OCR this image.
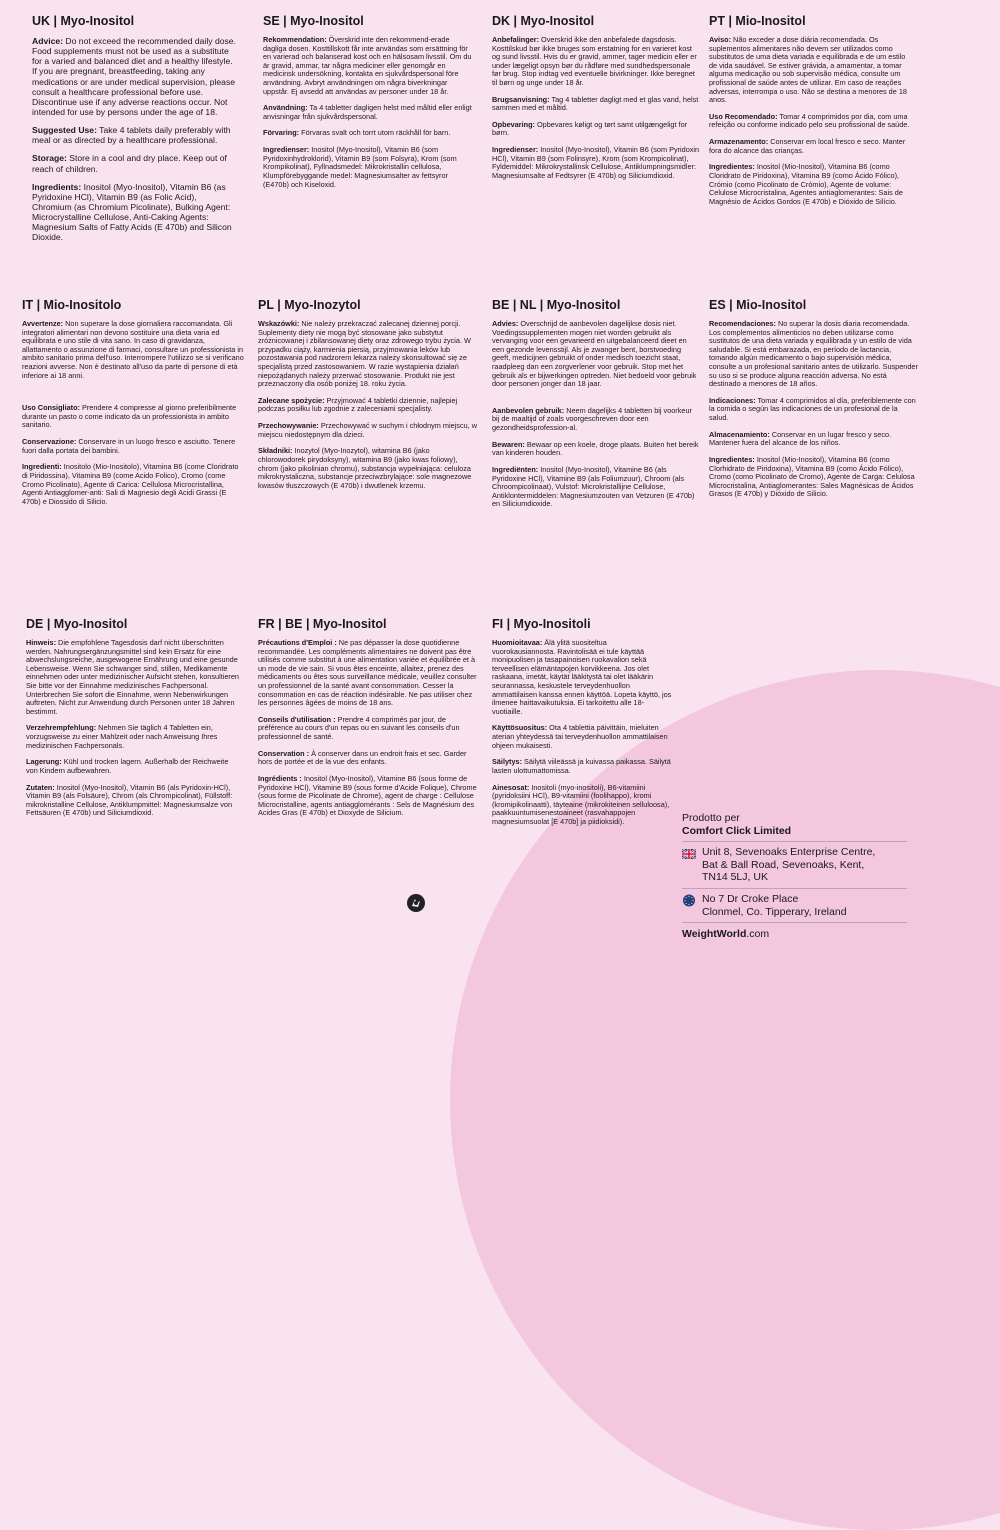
UK | Myo-Inositol

Advice: Do not exceed the recommended daily dose. Food supplements must not be used as a substitute for a varied and balanced diet and a healthy lifestyle. If you are pregnant, breastfeeding, taking any medications or are under medical supervision, please consult a healthcare professional before use. Discontinue use if any adverse reactions occur. Not intended for use by persons under the age of 18.

Suggested Use: Take 4 tablets daily preferably with meal or as directed by a healthcare professional.

Storage: Store in a cool and dry place. Keep out of reach of children.

Ingredients: Inositol (Myo-Inositol), Vitamin B6 (as Pyridoxine HCl), Vitamin B9 (as Folic Acid), Chromium (as Chromium Picolinate), Bulking Agent: Microcrystalline Cellulose, Anti-Caking Agents: Magnesium Salts of Fatty Acids (E 470b) and Silicon Dioxide.

SE | Myo-Inositol

Rekommendation: Överskrid inte den rekommend-erade dagliga dosen. Kosttillskott får inte användas som ersättning för en varierad och balanserad kost och en hälsosam livsstil. Om du är gravid, ammar, tar några mediciner eller genomgår en medicinsk undersökning, kontakta en sjukvårdspersonal före användning. Avbryt användningen om några biverkningar uppstår. Ej avsedd att användas av personer under 18 år.

Användning: Ta 4 tabletter dagligen helst med måltid eller enligt anvisningar från sjukvårdspersonal.

Förvaring: Förvaras svalt och torrt utom räckhåll för barn.

Ingredienser: Inositol (Myo-Inositol), Vitamin B6 (som Pyridoxinhydroklorid), Vitamin B9 (som Folsyra), Krom (som Krompikolinat), Fyllnadsmedel: Mikrokristallin cellulosa, Klumpförebyggande medel: Magnesiumsalter av fettsyror (E470b) och Kiseloxid.

DK | Myo-Inositol

Anbefalinger: Overskrid ikke den anbefalede dagsdosis. Kosttilskud bør ikke bruges som erstatning for en varieret kost og sund livsstil. Hvis du er gravid, ammer, tager medicin eller er under lægeligt opsyn bør du rådføre med sundhedspersonale før brug. Stop indtag ved eventuelle bivirkninger. Ikke beregnet til børn og unge under 18 år.

Brugsanvisning: Tag 4 tabletter dagligt med et glas vand, helst sammen med et måltid.

Opbevaring: Opbevares køligt og tørt samt utilgængeligt for børn.

Ingredienser: Inositol (Myo-Inositol), Vitamin B6 (som Pyridoxin HCl), Vitamin B9 (som Folinsyre), Krom (som Krompicolinat), Fyldemiddel: Mikrokrystallinsk Cellulose, Antiklumpningsmidler: Magnesiumsalte af Fedtsyrer (E 470b) og Siliciumdioxid.

PT | Mio-Inositol

Aviso: Não exceder a dose diária recomendada. Os suplementos alimentares não devem ser utilizados como substitutos de uma dieta variada e equilibrada e de um estilo de vida saudável. Se estiver grávida, a amamentar, a tomar alguma medicação ou sob supervisão médica, consulte um profissional de saúde antes de utilizar. Em caso de reações adversas, interrompa o uso. Não se destina a menores de 18 anos.

Uso Recomendado: Tomar 4 comprimidos por dia, com uma refeição ou conforme indicado pelo seu profissional de saúde.

Armazenamento: Conservar em local fresco e seco. Manter fora do alcance das crianças.

Ingredientes: Inositol (Mio-Inositol), Vitamina B6 (como Cloridrato de Piridoxina), Vitamina B9 (como Ácido Fólico), Crómio (como Picolinato de Crómio), Agente de volume: Celulose Microcristalina, Agentes antiaglomerantes: Sais de Magnésio de Ácidos Gordos (E 470b) e Dióxido de Silício.

IT | Mio-Inositolo

Avvertenze: Non superare la dose giornaliera raccomandata. Gli integratori alimentari non devono sostituire una dieta varia ed equilibrata e uno stile di vita sano. In caso di gravidanza, allattamento o assunzione di farmaci, consultare un professionista in ambito sanitario prima dell'uso. Interrompere l'utilizzo se si verificano reazioni avverse. Non è destinato all'uso da parte di persone di età inferiore ai 18 anni.

Uso Consigliato: Prendere 4 compresse al giorno preferibilmente durante un pasto o come indicato da un professionista in ambito sanitario.

Conservazione: Conservare in un luogo fresco e asciutto. Tenere fuori dalla portata dei bambini.

Ingredienti: Inositolo (Mio-Inositolo), Vitamina B6 (come Cloridrato di Piridossina), Vitamina B9 (come Acido Folico), Cromo (come Cromo Picolinato), Agente di Carica: Cellulosa Microcristallina, Agenti Antiagglomer-anti: Sali di Magnesio degli Acidi Grassi (E 470b) e Diossido di Silicio.

PL | Myo-Inozytol

Wskazówki: Nie należy przekraczać zalecanej dziennej porcji. Suplementy diety nie mogą być stosowane jako substytut zróżnicowanej i zbilansowanej diety oraz zdrowego trybu życia. W przypadku ciąży, karmienia piersią, przyjmowania leków lub pozostawania pod nadzorem lekarza należy skonsultować się ze specjalistą przed zastosowaniem. W razie wystąpienia działań niepożądanych należy przerwać stosowanie. Produkt nie jest przeznaczony dla osób poniżej 18. roku życia.

Zalecane spożycie: Przyjmować 4 tabletki dziennie, najlepiej podczas posiłku lub zgodnie z zaleceniami specjalisty.

Przechowywanie: Przechowywać w suchym i chłodnym miejscu, w miejscu niedostępnym dla dzieci.

Składniki: Inozytol (Myo-Inozytol), witamina B6 (jako chlorowodorek pirydoksyny), witamina B9 (jako kwas foliowy), chrom (jako pikolinian chromu), substancja wypełniająca: celuloza mikrokrystaliczna, substancje przeciwzbrylające: sole magnezowe kwasów tłuszczowych (E 470b) i dwutlenek krzemu.

BE | NL | Myo-Inositol

Advies: Overschrijd de aanbevolen dagelijkse dosis niet. Voedingssupplementen mogen niet worden gebruikt als vervanging voor een gevarieerd en uitgebalanceerd dieet en een gezonde levensstijl. Als je zwanger bent, borstvoeding geeft, medicijnen gebruikt of onder medisch toezicht staat, raadpleeg dan een zorgverlener voor gebruik. Stop met het gebruik als er bijwerkingen optreden. Niet bedoeld voor gebruik door personen jonger dan 18 jaar.

Aanbevolen gebruik: Neem dagelijks 4 tabletten bij voorkeur bij de maaltijd of zoals voorgeschreven door een gezondheidsprofession-al.

Bewaren: Bewaar op een koele, droge plaats. Buiten het bereik van kinderen houden.

Ingrediënten: Inositol (Myo-Inositol), Vitamine B6 (als Pyridoxine HCl), Vitamine B9 (als Foliumzuur), Chroom (als Chroompicolinaat), Vulstof: Microkristallijne Cellulose, Antiklontermiddelen: Magnesiumzouten van Vetzuren (E 470b) en Siliciumdioxide.

ES | Mio-Inositol

Recomendaciones: No superar la dosis diaria recomendada. Los complementos alimenticios no deben utilizarse como sustitutos de una dieta variada y equilibrada y un estilo de vida saludable. Si está embarazada, en período de lactancia, tomando algún medicamento o bajo supervisión médica, consulte a un profesional sanitario antes de utilizarlo. Suspender su uso si se produce alguna reacción adversa. No está destinado a menores de 18 años.

Indicaciones: Tomar 4 comprimidos al día, preferiblemente con la comida o según las indicaciones de un profesional de la salud.

Almacenamiento: Conservar en un lugar fresco y seco. Mantener fuera del alcance de los niños.

Ingredientes: Inositol (Mio-Inositol), Vitamina B6 (como Clorhidrato de Piridoxina), Vitamina B9 (como Ácido Fólico), Cromo (como Picolinato de Cromo), Agente de Carga: Celulosa Microcristalina, Antiaglomerantes: Sales Magnésicas de Ácidos Grasos (E 470b) y Dióxido de Silicio.

DE | Myo-Inositol

Hinweis: Die empfohlene Tagesdosis darf nicht überschritten werden. Nahrungsergänzungsmittel sind kein Ersatz für eine abwechslungsreiche, ausgewogene Ernährung und eine gesunde Lebensweise. Wenn Sie schwanger sind, stillen, Medikamente einnehmen oder unter medizinischer Aufsicht stehen, konsultieren Sie bitte vor der Einnahme medizinisches Fachpersonal. Unterbrechen Sie sofort die Einnahme, wenn Nebenwirkungen auftreten. Nicht zur Anwendung durch Personen unter 18 Jahren bestimmt.

Verzehrempfehlung: Nehmen Sie täglich 4 Tabletten ein, vorzugsweise zu einer Mahlzeit oder nach Anweisung Ihres medizinischen Fachpersonals.

Lagerung: Kühl und trocken lagern. Außerhalb der Reichweite von Kindern aufbewahren.

Zutaten: Inositol (Myo-Inositol), Vitamin B6 (als Pyridoxin-HCl), Vitamin B9 (als Folsäure), Chrom (als Chrompicolinat), Füllstoff: mikrokristalline Cellulose, Antiklumpmittel: Magnesiumsalze von Fettsäuren (E 470b) und Siliciumdioxid.

FR | BE | Myo-Inositol

Précautions d'Emploi : Ne pas dépasser la dose quotidienne recommandée. Les compléments alimentaires ne doivent pas être utilisés comme substitut à une alimentation variée et équilibrée et à un mode de vie sain. Si vous êtes enceinte, allaitez, prenez des médicaments ou êtes sous surveillance médicale, veuillez consulter un professionnel de la santé avant consommation. Cesser la consommation en cas de réaction indésirable. Ne pas utiliser chez les personnes âgées de moins de 18 ans.

Conseils d'utilisation : Prendre 4 comprimés par jour, de préférence au cours d'un repas ou en suivant les conseils d'un professionnel de santé.

Conservation : À conserver dans un endroit frais et sec. Garder hors de portée et de la vue des enfants.

Ingrédients : Inositol (Myo-Inositol), Vitamine B6 (sous forme de Pyridoxine HCl), Vitamine B9 (sous forme d'Acide Folique), Chrome (sous forme de Picolinate de Chrome), agent de charge : Cellulose Microcristalline, agents antiagglomérants : Sels de Magnésium des Acides Gras (E 470b) et Dioxyde de Silicium.

FI | Myo-Inositoli

Huomioitavaa: Älä ylitä suositeltua vuorokausiannosta. Ravintolisää ei tule käyttää monipuolisen ja tasapainoisen ruokavalion sekä terveellisen elämäntapojen korvikkeena. Jos olet raskaana, imetät, käytät lääkitystä tai olet lääkärin seurannassa, keskustele terveydenhuollon ammattilaisen kanssa ennen käyttöä. Lopeta käyttö, jos ilmenee haittavaikutuksia. Ei tarkoitettu alle 18-vuotiaille.

Käyttösuositus: Ota 4 tablettia päivittäin, mieluiten aterian yhteydessä tai terveydenhuollon ammattilaisen ohjeen mukaisesti.

Säilytys: Säilytä viileässä ja kuivassa paikassa. Säilytä lasten ulottumattomissa.

Ainesosat: Inositoli (myo-inositoli), B6-vitamiini (pyridoksiini HCl), B9-vitamiini (foolihappo), kromi (kromipikolinaatti), täyteaine (mikrokiteinen selluloosa), paakkuuntumisenestoaineet (rasvahappojen magnesiumsuolat [E 470b] ja piidioksidi).	Prodotto per
Comfort Click Limited
Unit 8, Sevenoaks Enterprise Centre,
Bat & Ball Road, Sevenoaks, Kent,
TN14 5LJ, UK
No 7 Dr Croke Place
Clonmel, Co. Tipperary, Ireland
WeightWorld.com
